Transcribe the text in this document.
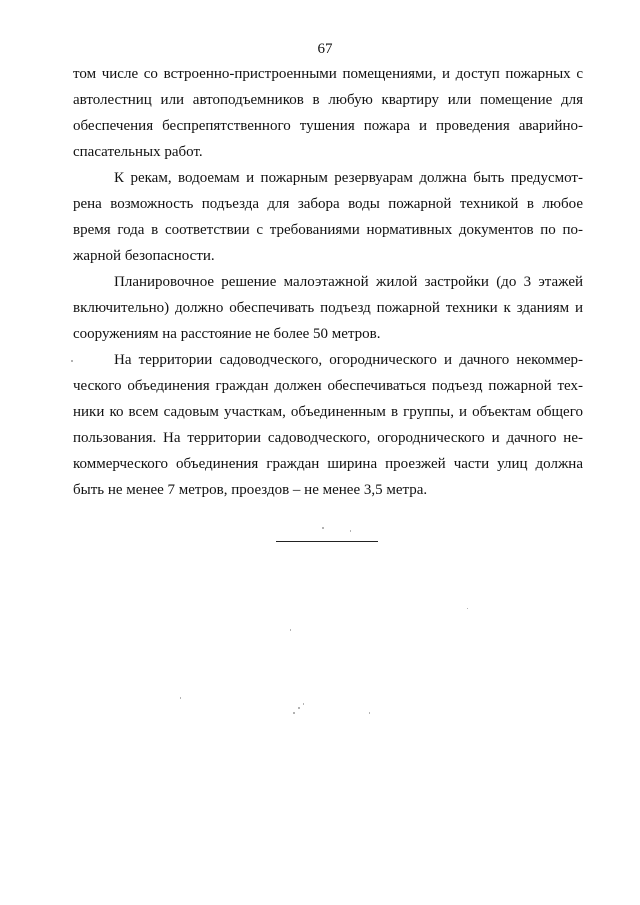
67
том числе со встроенно-пристроенными помещениями, и доступ пожарных с
автолестниц или автоподъемников в любую квартиру или помещение для
обеспечения беспрепятственного тушения пожара и проведения аварийно-
спасательных работ.
К рекам, водоемам и пожарным резервуарам должна быть предусмот-
рена возможность подъезда для забора воды пожарной техникой в любое
время года в соответствии с требованиями нормативных документов по по-
жарной безопасности.
Планировочное решение малоэтажной жилой застройки (до 3 этажей
включительно) должно обеспечивать подъезд пожарной техники к зданиям и
сооружениям на расстояние не более 50 метров.
На территории садоводческого, огороднического и дачного некоммер-
ческого объединения граждан должен обеспечиваться подъезд пожарной тех-
ники ко всем садовым участкам, объединенным в группы, и объектам общего
пользования. На территории садоводческого, огороднического и дачного не-
коммерческого объединения граждан ширина проезжей части улиц должна
быть не менее 7 метров, проездов – не менее 3,5 метра.
